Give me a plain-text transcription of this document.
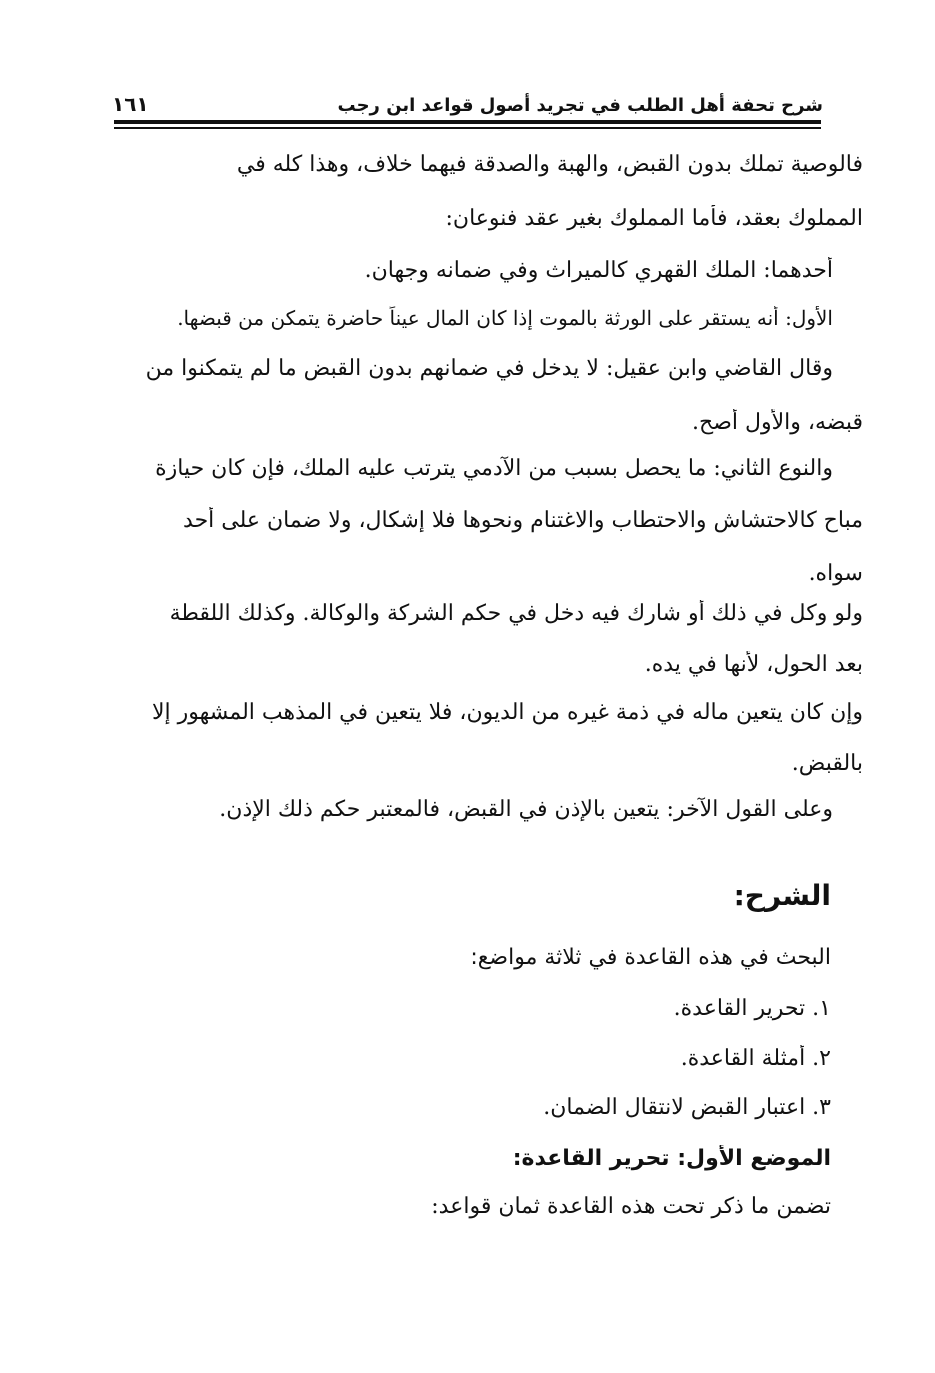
شرح تحفة أهل الطلب في تجريد أصول قواعد ابن رجب
١٦١
فالوصية تملك بدون القبض، والهبة والصدقة فيهما خلاف، وهذا كله في
المملوك بعقد، فأما المملوك بغير عقد فنوعان:
أحدهما: الملك القهري كالميراث وفي ضمانه وجهان.
الأول: أنه يستقر على الورثة بالموت إذا كان المال عيناً حاضرة يتمكن من قبضها.
وقال القاضي وابن عقيل: لا يدخل في ضمانهم بدون القبض ما لم يتمكنوا من
قبضه، والأول أصح.
والنوع الثاني: ما يحصل بسبب من الآدمي يترتب عليه الملك، فإن كان حيازة
مباح كالاحتشاش والاحتطاب والاغتنام ونحوها فلا إشكال، ولا ضمان على أحد
سواه.
ولو وكل في ذلك أو شارك فيه دخل في حكم الشركة والوكالة. وكذلك اللقطة
بعد الحول، لأنها في يده.
وإن كان يتعين ماله في ذمة غيره من الديون، فلا يتعين في المذهب المشهور إلا
بالقبض.
وعلى القول الآخر: يتعين بالإذن في القبض، فالمعتبر حكم ذلك الإذن.
الشرح:
البحث في هذه القاعدة في ثلاثة مواضع:
١. تحرير القاعدة.
٢. أمثلة القاعدة.
٣. اعتبار القبض لانتقال الضمان.
الموضع الأول: تحرير القاعدة:
تضمن ما ذكر تحت هذه القاعدة ثمان قواعد:
